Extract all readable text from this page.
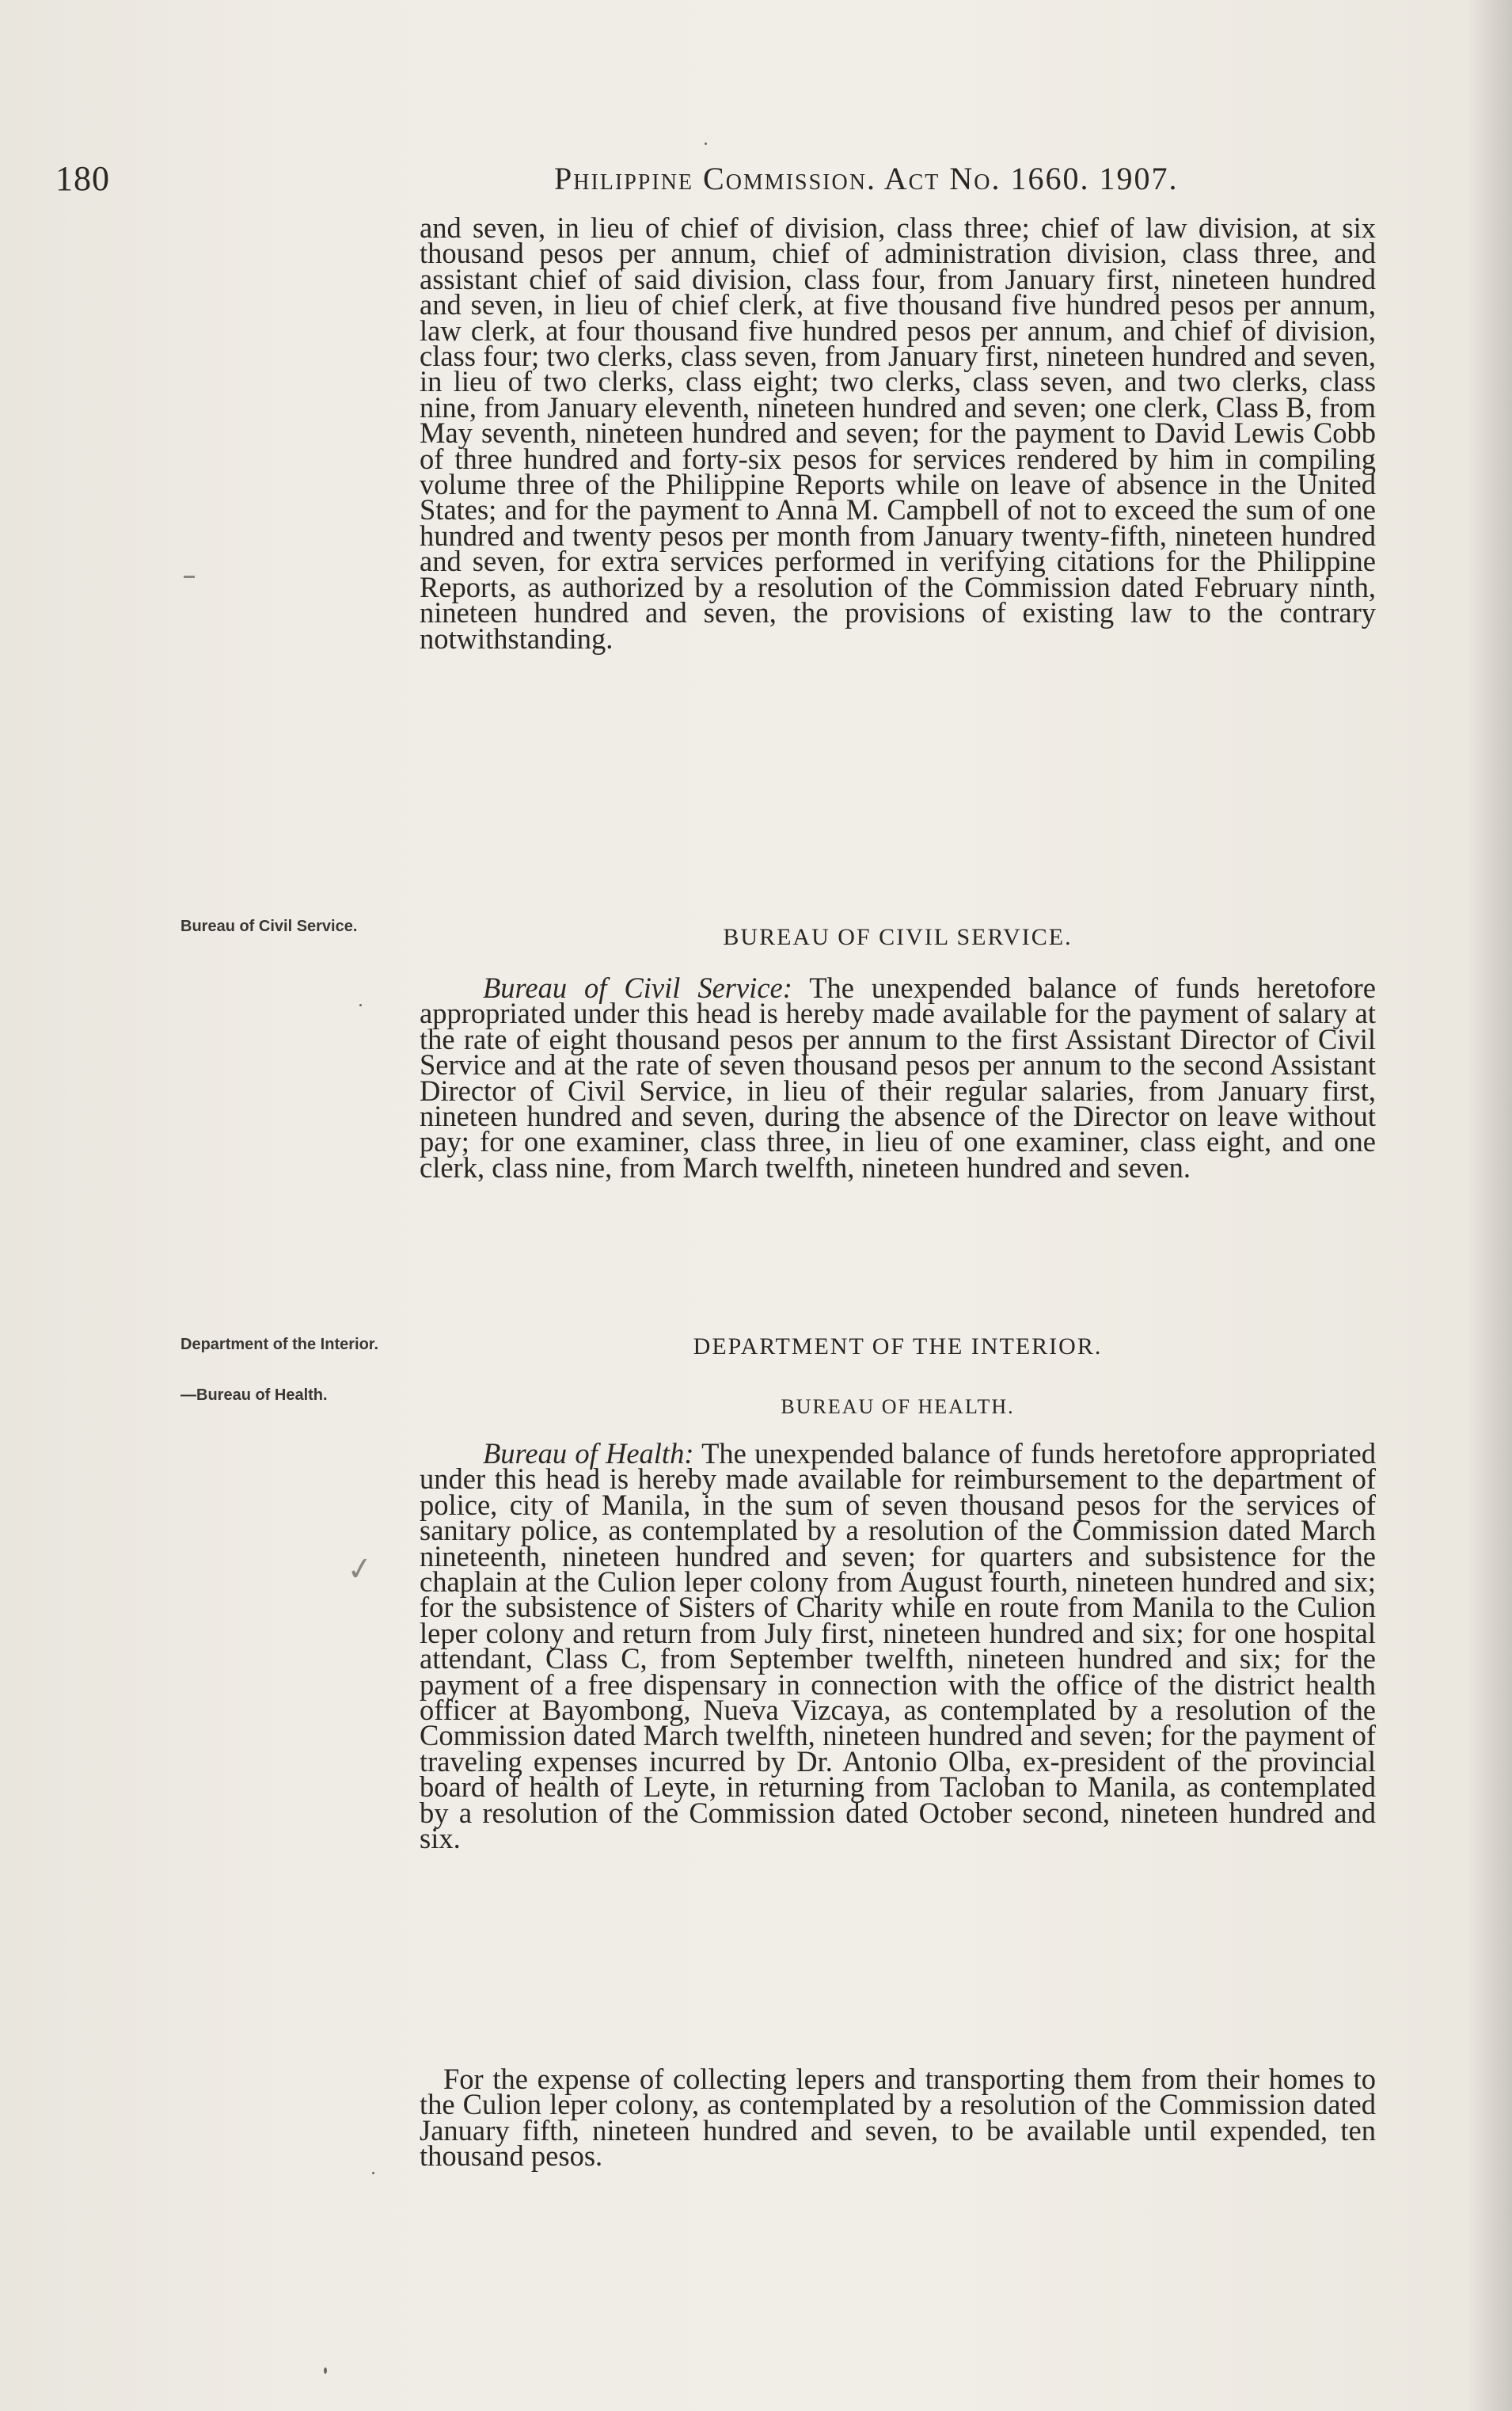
180	Philippine Commission. Act No. 1660. 1907.
and seven, in lieu of chief of division, class three; chief of law division, at six thousand pesos per annum, chief of administration division, class three, and assistant chief of said division, class four, from January first, nineteen hundred and seven, in lieu of chief clerk, at five thousand five hundred pesos per annum, law clerk, at four thousand five hundred pesos per annum, and chief of division, class four; two clerks, class seven, from January first, nineteen hundred and seven, in lieu of two clerks, class eight; two clerks, class seven, and two clerks, class nine, from January eleventh, nineteen hundred and seven; one clerk, Class B, from May seventh, nineteen hundred and seven; for the payment to David Lewis Cobb of three hundred and forty-six pesos for services rendered by him in compiling volume three of the Philippine Reports while on leave of absence in the United States; and for the payment to Anna M. Campbell of not to exceed the sum of one hundred and twenty pesos per month from January twenty-fifth, nineteen hundred and seven, for extra services performed in verifying citations for the Philippine Reports, as authorized by a resolution of the Commission dated February ninth, nineteen hundred and seven, the provisions of existing law to the contrary notwithstanding.
Bureau of Civil Service.	BUREAU OF CIVIL SERVICE.
Bureau of Civil Service: The unexpended balance of funds heretofore appropriated under this head is hereby made available for the payment of salary at the rate of eight thousand pesos per annum to the first Assistant Director of Civil Service and at the rate of seven thousand pesos per annum to the second Assistant Director of Civil Service, in lieu of their regular salaries, from January first, nineteen hundred and seven, during the absence of the Director on leave without pay; for one examiner, class three, in lieu of one examiner, class eight, and one clerk, class nine, from March twelfth, nineteen hundred and seven.
Department of the Interior.	DEPARTMENT OF THE INTERIOR.
—Bureau of Health.	BUREAU OF HEALTH.
Bureau of Health: The unexpended balance of funds heretofore appropriated under this head is hereby made available for reimbursement to the department of police, city of Manila, in the sum of seven thousand pesos for the services of sanitary police, as contemplated by a resolution of the Commission dated March nineteenth, nineteen hundred and seven; for quarters and subsistence for the chaplain at the Culion leper colony from August fourth, nineteen hundred and six; for the subsistence of Sisters of Charity while en route from Manila to the Culion leper colony and return from July first, nineteen hundred and six; for one hospital attendant, Class C, from September twelfth, nineteen hundred and six; for the payment of a free dispensary in connection with the office of the district health officer at Bayombong, Nueva Vizcaya, as contemplated by a resolution of the Commission dated March twelfth, nineteen hundred and seven; for the payment of traveling expenses incurred by Dr. Antonio Olba, ex-president of the provincial board of health of Leyte, in returning from Tacloban to Manila, as contemplated by a resolution of the Commission dated October second, nineteen hundred and six.
For the expense of collecting lepers and transporting them from their homes to the Culion leper colony, as contemplated by a resolution of the Commission dated January fifth, nineteen hundred and seven, to be available until expended, ten thousand pesos.
✓
